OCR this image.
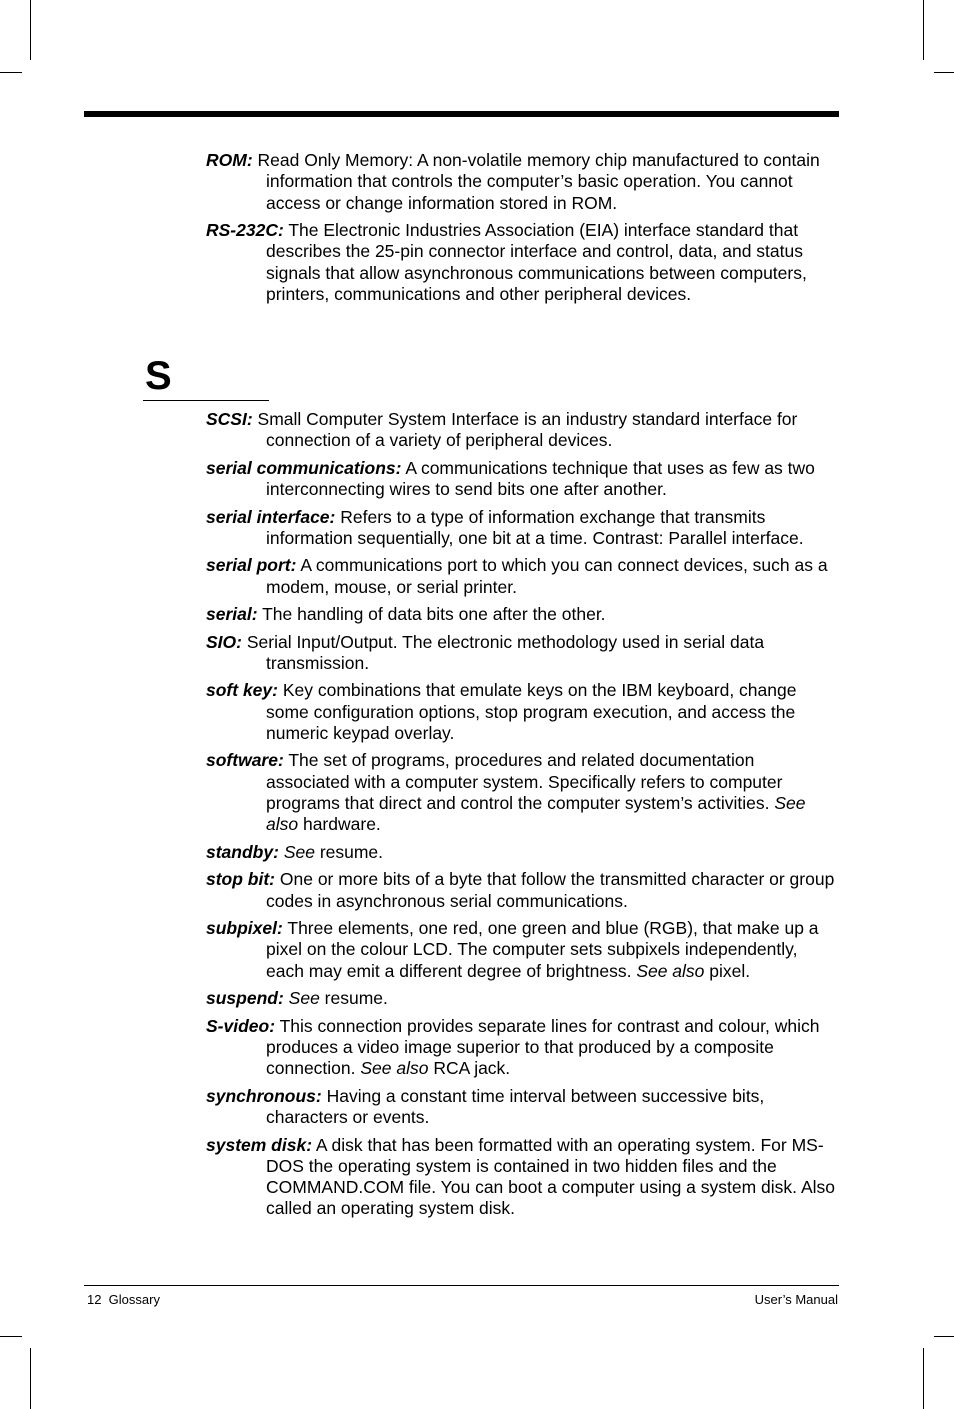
ROM: Read Only Memory: A non-volatile memory chip manufactured to contain information that controls the computer’s basic operation. You cannot access or change information stored in ROM.

RS-232C: The Electronic Industries Association (EIA) interface standard that describes the 25-pin connector interface and control, data, and status signals that allow asynchronous communications between computers, printers, communications and other peripheral devices.

S

SCSI: Small Computer System Interface is an industry standard interface for connection of a variety of peripheral devices.

serial communications: A communications technique that uses as few as two interconnecting wires to send bits one after another.

serial interface: Refers to a type of information exchange that transmits information sequentially, one bit at a time. Contrast: Parallel interface.

serial port: A communications port to which you can connect devices, such as a modem, mouse, or serial printer.

serial: The handling of data bits one after the other.

SIO: Serial Input/Output. The electronic methodology used in serial data transmission.

soft key: Key combinations that emulate keys on the IBM keyboard, change some configuration options, stop program execution, and access the numeric keypad overlay.

software: The set of programs, procedures and related documentation associated with a computer system. Specifically refers to computer programs that direct and control the computer system’s activities. See also hardware.

standby: See resume.

stop bit: One or more bits of a byte that follow the transmitted character or group codes in asynchronous serial communications.

subpixel: Three elements, one red, one green and blue (RGB), that make up a pixel on the colour LCD. The computer sets subpixels independently, each may emit a different degree of brightness. See also pixel.

suspend: See resume.

S-video: This connection provides separate lines for contrast and colour, which produces a video image superior to that produced by a composite connection. See also RCA jack.

synchronous: Having a constant time interval between successive bits, characters or events.

system disk: A disk that has been formatted with an operating system. For MS-DOS the operating system is contained in two hidden files and the COMMAND.COM file. You can boot a computer using a system disk. Also called an operating system disk.

12  Glossary	User’s Manual
